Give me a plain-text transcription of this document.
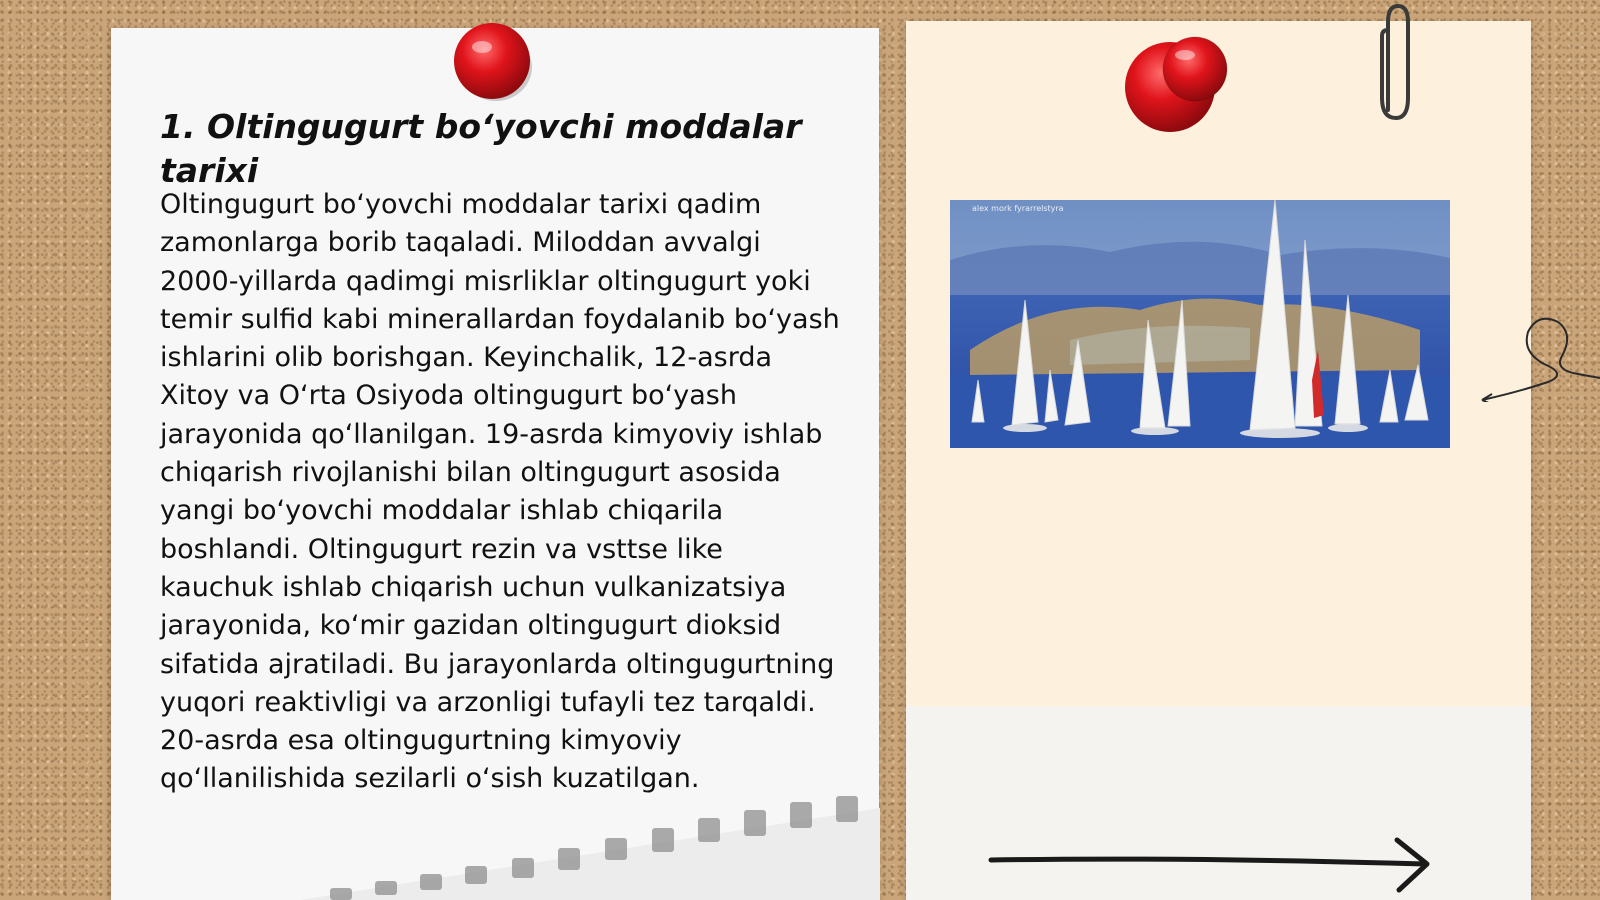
1. Oltingugurt bo‘yovchi moddalar tarixi

Oltingugurt bo‘yovchi moddalar tarixi qadim zamonlarga borib taqaladi. Miloddan avvalgi 2000-yillarda qadimgi misrliklar oltingugurt yoki temir sulfid kabi minerallardan foydalanib bo‘yash ishlarini olib borishgan. Keyinchalik, 12-asrda Xitoy va O‘rta Osiyoda oltingugurt bo‘yash jarayonida qo‘llanilgan. 19-asrda kimyoviy ishlab chiqarish rivojlanishi bilan oltingugurt asosida yangi bo‘yovchi moddalar ishlab chiqarila boshlandi. Oltingugurt rezin va vsttse like kauchuk ishlab chiqarish uchun vulkanizatsiya jarayonida, ko‘mir gazidan oltingugurt dioksid sifatida ajratiladi. Bu jarayonlarda oltingugurtning yuqori reaktivligi va arzonligi tufayli tez tarqaldi. 20-asrda esa oltingugurtning kimyoviy qo‘llanilishida sezilarli o‘sish kuzatilgan.

alex mork fyrarrelstyra
